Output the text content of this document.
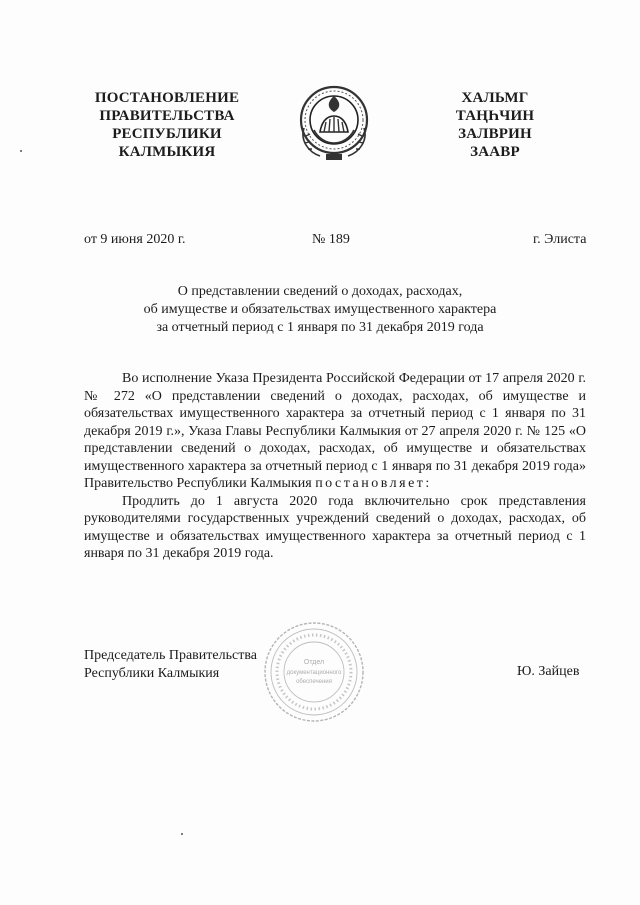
ПОСТАНОВЛЕНИЕ
ПРАВИТЕЛЬСТВА
РЕСПУБЛИКИ
КАЛМЫКИЯ
ХАЛЬМГ
ТАҢҺЧИН
ЗАЛВРИН
ЗААВР
от 9 июня 2020 г.	№ 189	г. Элиста
О представлении сведений о доходах, расходах,
об имуществе и обязательствах имущественного характера
за отчетный период с 1 января по 31 декабря 2019 года

Во исполнение Указа Президента Российской Федерации от 17 апреля 2020 г. № 272 «О представлении сведений о доходах, расходах, об имуществе и обязательствах имущественного характера за отчетный период с 1 января по 31 декабря 2019 г.», Указа Главы Республики Калмыкия от 27 апреля 2020 г. № 125 «О представлении сведений о доходах, расходах, об имуществе и обязательствах имущественного характера за отчетный период с 1 января по 31 декабря 2019 года» Правительство Республики Калмыкия постановляет:

Продлить до 1 августа 2020 года включительно срок представления руководителями государственных учреждений сведений о доходах, расходах, об имуществе и обязательствах имущественного характера за отчетный период с 1 января по 31 декабря 2019 года.

Председатель Правительства
Республики Калмыкия
Отдел
документационного
обеспечения
Ю. Зайцев
